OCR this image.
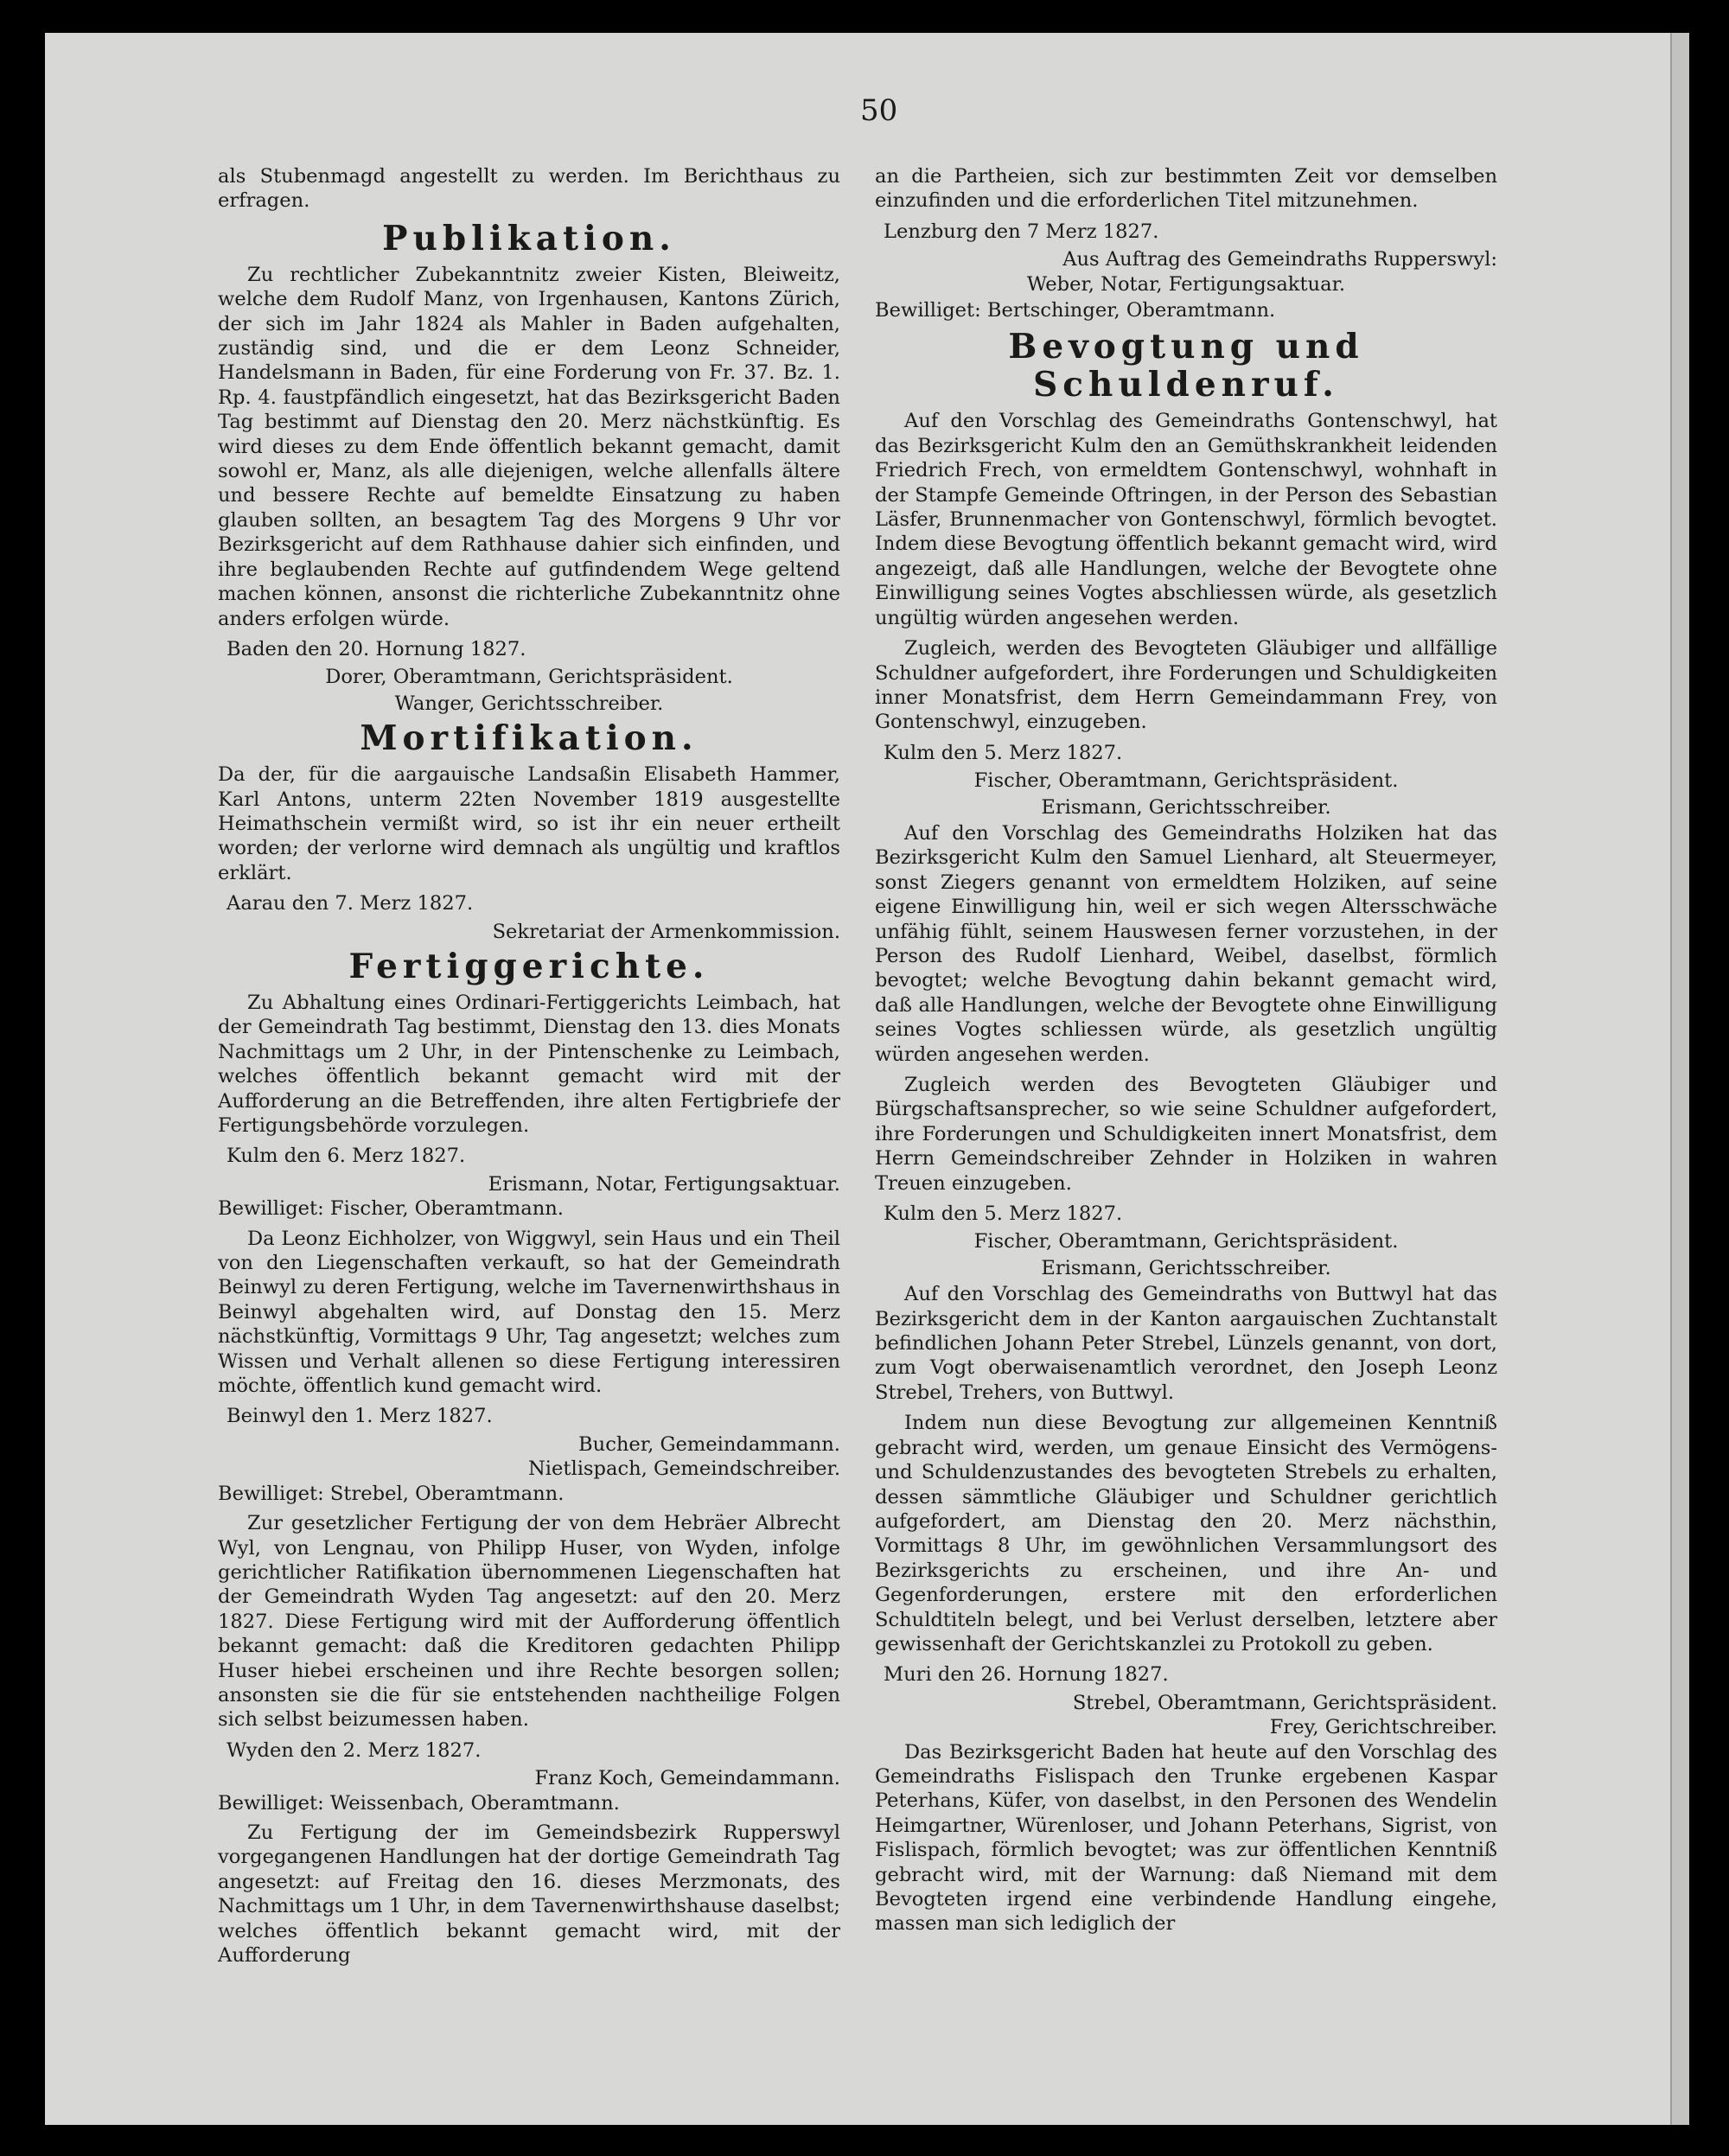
50

als Stubenmagd angestellt zu werden. Im Berichthaus zu erfragen.

Publikation.

Zu rechtlicher Zubekanntnitz zweier Kisten, Bleiweitz, welche dem Rudolf Manz, von Irgenhausen, Kantons Zürich, der sich im Jahr 1824 als Mahler in Baden aufgehalten, zuständig sind, und die er dem Leonz Schneider, Handelsmann in Baden, für eine Forderung von Fr. 37. Bz. 1. Rp. 4. faustpfändlich eingesetzt, hat das Bezirksgericht Baden Tag bestimmt auf Dienstag den 20. Merz nächstkünftig. Es wird dieses zu dem Ende öffentlich bekannt gemacht, damit sowohl er, Manz, als alle diejenigen, welche allenfalls ältere und bessere Rechte auf bemeldte Einsatzung zu haben glauben sollten, an besagtem Tag des Morgens 9 Uhr vor Bezirksgericht auf dem Rathhause dahier sich einfinden, und ihre beglaubenden Rechte auf gutfindendem Wege geltend machen können, ansonst die richterliche Zubekanntnitz ohne anders erfolgen würde.

Baden den 20. Hornung 1827.
Dorer, Oberamtmann, Gerichtspräsident.
Wanger, Gerichtsschreiber.
Mortifikation.

Da der, für die aargauische Landsaßin Elisabeth Hammer, Karl Antons, unterm 22ten November 1819 ausgestellte Heimathschein vermißt wird, so ist ihr ein neuer ertheilt worden; der verlorne wird demnach als ungültig und kraftlos erklärt.

Aarau den 7. Merz 1827.
Sekretariat der Armenkommission.
Fertiggerichte.

Zu Abhaltung eines Ordinari-Fertiggerichts Leimbach, hat der Gemeindrath Tag bestimmt, Dienstag den 13. dies Monats Nachmittags um 2 Uhr, in der Pintenschenke zu Leimbach, welches öffentlich bekannt gemacht wird mit der Aufforderung an die Betreffenden, ihre alten Fertigbriefe der Fertigungsbehörde vorzulegen.

Kulm den 6. Merz 1827.
Erismann, Notar, Fertigungsaktuar.
Bewilliget: Fischer, Oberamtmann.

Da Leonz Eichholzer, von Wiggwyl, sein Haus und ein Theil von den Liegenschaften verkauft, so hat der Gemeindrath Beinwyl zu deren Fertigung, welche im Tavernenwirthshaus in Beinwyl abgehalten wird, auf Donstag den 15. Merz nächstkünftig, Vormittags 9 Uhr, Tag angesetzt; welches zum Wissen und Verhalt allenen so diese Fertigung interessiren möchte, öffentlich kund gemacht wird.

Beinwyl den 1. Merz 1827.
Bucher, Gemeindammann.
Nietlispach, Gemeindschreiber.
Bewilliget: Strebel, Oberamtmann.

Zur gesetzlicher Fertigung der von dem Hebräer Albrecht Wyl, von Lengnau, von Philipp Huser, von Wyden, infolge gerichtlicher Ratifikation übernommenen Liegenschaften hat der Gemeindrath Wyden Tag angesetzt: auf den 20. Merz 1827. Diese Fertigung wird mit der Aufforderung öffentlich bekannt gemacht: daß die Kreditoren gedachten Philipp Huser hiebei erscheinen und ihre Rechte besorgen sollen; ansonsten sie die für sie entstehenden nachtheilige Folgen sich selbst beizumessen haben.

Wyden den 2. Merz 1827.
Franz Koch, Gemeindammann.
Bewilliget: Weissenbach, Oberamtmann.

Zu Fertigung der im Gemeindsbezirk Rupperswyl vorgegangenen Handlungen hat der dortige Gemeindrath Tag angesetzt: auf Freitag den 16. dieses Merzmonats, des Nachmittags um 1 Uhr, in dem Tavernenwirthshause daselbst; welches öffentlich bekannt gemacht wird, mit der Aufforderung

an die Partheien, sich zur bestimmten Zeit vor demselben einzufinden und die erforderlichen Titel mitzunehmen.

Lenzburg den 7 Merz 1827.
Aus Auftrag des Gemeindraths Rupperswyl:
Weber, Notar, Fertigungsaktuar.
Bewilliget: Bertschinger, Oberamtmann.
Bevogtung und Schuldenruf.

Auf den Vorschlag des Gemeindraths Gontenschwyl, hat das Bezirksgericht Kulm den an Gemüthskrankheit leidenden Friedrich Frech, von ermeldtem Gontenschwyl, wohnhaft in der Stampfe Gemeinde Oftringen, in der Person des Sebastian Läsfer, Brunnenmacher von Gontenschwyl, förmlich bevogtet. Indem diese Bevogtung öffentlich bekannt gemacht wird, wird angezeigt, daß alle Handlungen, welche der Bevogtete ohne Einwilligung seines Vogtes abschliessen würde, als gesetzlich ungültig würden angesehen werden.

Zugleich, werden des Bevogteten Gläubiger und allfällige Schuldner aufgefordert, ihre Forderungen und Schuldigkeiten inner Monatsfrist, dem Herrn Gemeindammann Frey, von Gontenschwyl, einzugeben.

Kulm den 5. Merz 1827.
Fischer, Oberamtmann, Gerichtspräsident.
Erismann, Gerichtsschreiber.

Auf den Vorschlag des Gemeindraths Holziken hat das Bezirksgericht Kulm den Samuel Lienhard, alt Steuermeyer, sonst Ziegers genannt von ermeldtem Holziken, auf seine eigene Einwilligung hin, weil er sich wegen Altersschwäche unfähig fühlt, seinem Hauswesen ferner vorzustehen, in der Person des Rudolf Lienhard, Weibel, daselbst, förmlich bevogtet; welche Bevogtung dahin bekannt gemacht wird, daß alle Handlungen, welche der Bevogtete ohne Einwilligung seines Vogtes schliessen würde, als gesetzlich ungültig würden angesehen werden.

Zugleich werden des Bevogteten Gläubiger und Bürgschaftsansprecher, so wie seine Schuldner aufgefordert, ihre Forderungen und Schuldigkeiten innert Monatsfrist, dem Herrn Gemeindschreiber Zehnder in Holziken in wahren Treuen einzugeben.

Kulm den 5. Merz 1827.
Fischer, Oberamtmann, Gerichtspräsident.
Erismann, Gerichtsschreiber.

Auf den Vorschlag des Gemeindraths von Buttwyl hat das Bezirksgericht dem in der Kanton aargauischen Zuchtanstalt befindlichen Johann Peter Strebel, Lünzels genannt, von dort, zum Vogt oberwaisenamtlich verordnet, den Joseph Leonz Strebel, Trehers, von Buttwyl.

Indem nun diese Bevogtung zur allgemeinen Kenntniß gebracht wird, werden, um genaue Einsicht des Vermögens- und Schuldenzustandes des bevogteten Strebels zu erhalten, dessen sämmtliche Gläubiger und Schuldner gerichtlich aufgefordert, am Dienstag den 20. Merz nächsthin, Vormittags 8 Uhr, im gewöhnlichen Versammlungsort des Bezirksgerichts zu erscheinen, und ihre An- und Gegenforderungen, erstere mit den erforderlichen Schuldtiteln belegt, und bei Verlust derselben, letztere aber gewissenhaft der Gerichtskanzlei zu Protokoll zu geben.

Muri den 26. Hornung 1827.
Strebel, Oberamtmann, Gerichtspräsident.
Frey, Gerichtschreiber.

Das Bezirksgericht Baden hat heute auf den Vorschlag des Gemeindraths Fislispach den Trunke ergebenen Kaspar Peterhans, Küfer, von daselbst, in den Personen des Wendelin Heimgartner, Würenloser, und Johann Peterhans, Sigrist, von Fislispach, förmlich bevogtet; was zur öffentlichen Kenntniß gebracht wird, mit der Warnung: daß Niemand mit dem Bevogteten irgend eine verbindende Handlung eingehe, massen man sich lediglich der
